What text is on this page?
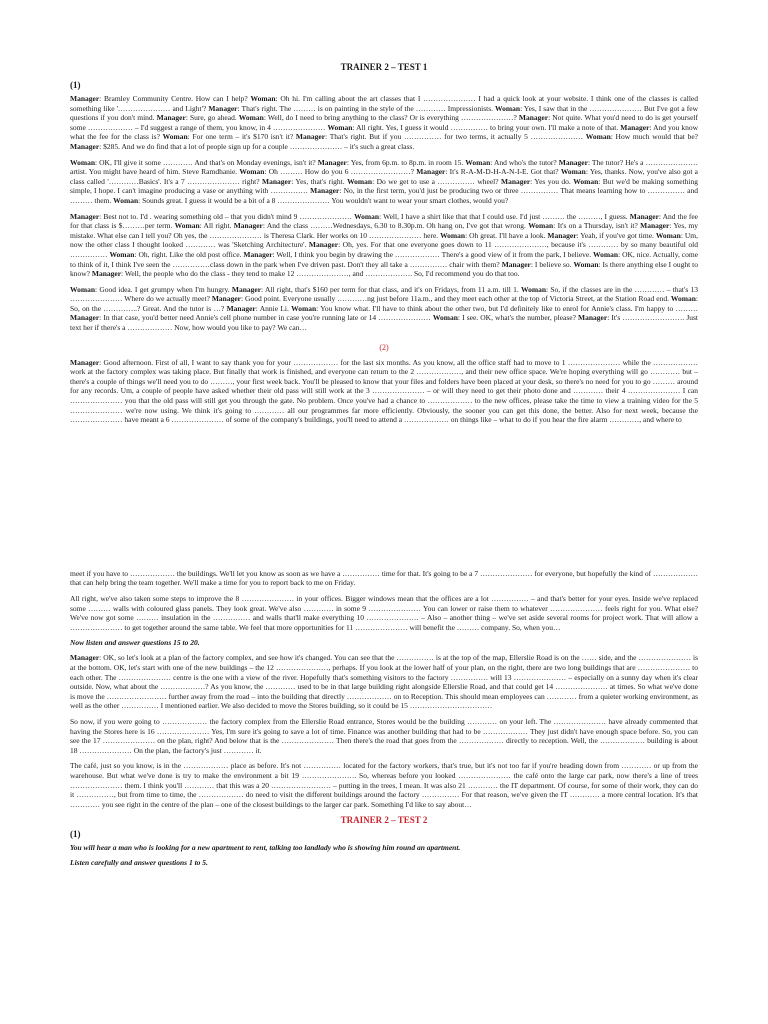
TRAINER 2 – TEST 1
(1)

Manager: Bramley Community Centre. How can I help? Woman: Oh hi. I'm calling about the art classes that I ………………… I had a quick look at your website. I think one of the classes is called something like '………………… and Light'? Manager: That's right. The ……… is on painting in the style of the ………… Impressionists. Woman: Yes, I saw that in the ………………… But I've got a few questions if you don't mind. Manager: Sure, go ahead. Woman: Well, do I need to bring anything to the class? Or is everything …………………? Manager: Not quite. What you'd need to do is get yourself some ……………… – I'd suggest a range of them, you know, in 4 ………………… Woman: All right. Yes, I guess it would …………… to bring your own. I'll make a note of that. Manager: And you know what the fee for the class is? Woman: For one term – it's $170 isn't it? Manager: That's right. But if you …………… for two terms, it actually 5 ………………… Woman: How much would that be? Manager: $285. And we do find that a lot of people sign up for a couple ………………… – it's such a great class.

Woman: OK, I'll give it some ………… And that's on Monday evenings, isn't it? Manager: Yes, from 6p.m. to 8p.m. in room 15. Woman: And who's the tutor? Manager: The tutor? He's a ………………… artist. You might have heard of him. Steve Ramdhanie. Woman: Oh ……… How do you 6 ……………………? Manager: It's R-A-M-D-H-A-N-I-E. Got that? Woman: Yes, thanks. Now, you've also got a class called '…………Basics'. It's a 7 ………………… right? Manager: Yes, that's right. Woman: Do we get to use a …………… wheel? Manager: Yes you do. Woman: But we'd be making something simple, I hope. I can't imagine producing a vase or anything with …………… Manager: No, in the first term, you'd just be producing two or three …………… That means learning how to …………… and ……… them. Woman: Sounds great. I guess it would be a bit of a 8 ………………… You wouldn't want to wear your smart clothes, would you?

Manager: Best not to. I'd . wearing something old – that you didn't mind 9 ………………… Woman: Well, I have a shirt like that that I could use. I'd just ……… the ………, I guess. Manager: And the fee for that class is $………per term. Woman: All right. Manager: And the class ………Wednesdays, 6.30 to 8.30p.m. Oh hang on, I've got that wrong. Woman: It's on a Thursday, isn't it? Manager: Yes, my mistake. What else can I tell you? Oh yes, the ………………… is Theresa Clark. Her works on 10 ………………… here. Woman: Oh great. I'll have a look. Manager: Yeah, if you've got time. Woman: Um, now the other class I thought looked ………… was 'Sketching Architecture'. Manager: Oh, yes. For that one everyone goes down to 11 …………………, because it's ………… by so many beautiful old …………… Woman: Oh, right. Like the old post office. Manager: Well, I think you begin by drawing the ……………… There's a good view of it from the park, I believe. Woman: OK, nice. Actually, come to think of it, I think I've seen the ……………class down in the park when I've driven past. Don't they all take a …………… chair with them? Manager: I believe so. Woman: Is there anything else I ought to know? Manager: Well, the people who do the class - they tend to make 12 …………………, and ………………. So, I'd recommend you do that too.

Woman: Good idea. I get grumpy when I'm hungry. Manager: All right, that's $160 per term for that class, and it's on Fridays, from 11 a.m. till 1. Woman: So, if the classes are in the ………… – that's 13 ………………… Where do we actually meet? Manager: Good point. Everyone usually …………ng just before 11a.m., and they meet each other at the top of Victoria Street, at the Station Road end. Woman: So, on the …………..? Great. And the tutor is …? Manager: Annie Li. Woman: You know what. I'll have to think about the other two, but I'd definitely like to enrol for Annie's class. I'm happy to ……… Manager: In that case, you'd better need Annie's cell phone number in case you're running late or 14 ………………… Woman: I see. OK, what's the number, please? Manager: It's ……………………. Just text her if there's a ……………… Now, how would you like to pay? We can…

(2)

Manager: Good afternoon. First of all, I want to say thank you for your ……………… for the last six months. As you know, all the office staff had to move to 1 ………………… while the ……………… work at the factory complex was taking place. But finally that work is finished, and everyone can return to the 2 ………………, and their new office space. We're hoping everything will go ………… but – there's a couple of things we'll need you to do ………, your first week back. You'll be pleased to know that your files and folders have been placed at your desk, so there's no need for you to go ……… around for any records. Um, a couple of people have asked whether their old pass will still work at the 3 ………………… – or will they need to get their photo done and ………… their 4 ………………… I can ………………… you that the old pass will still get you through the gate. No problem. Once you've had a chance to ……………… to the new offices, please take the time to view a training video for the 5 ………………… we're now using. We think it's going to ………… all our programmes far more efficiently. Obviously, the sooner you can get this done, the better. Also for next week, because the ………………… have meant a 6 ………………… of some of the company's buildings, you'll need to attend a ……………… on things like – what to do if you hear the fire alarm …………, and where to

meet if you have to ……………… the buildings. We'll let you know as soon as we have a …………… time for that. It's going to be a 7 ………………… for everyone, but hopefully the kind of ……………… that can help bring the team together. We'll make a time for you to report back to me on Friday.

All right, we've also taken some steps to improve the 8 ………………… in your offices. Bigger windows mean that the offices are a lot …………… – and that's better for your eyes. Inside we've replaced some ……… walls with coloured glass panels. They look great. We've also ………… in some 9 ………………… You can lower or raise them to whatever ………………… feels right for you. What else? We've now got some ……… insulation in the …………… and walls that'll make everything 10 ………………… – Also – another thing – we've set aside several rooms for project work. That will allow a ………………… to get together around the same table. We feel that more opportunities for 11 ………………… will benefit the ……… company. So, when you…

Now listen and answer questions 15 to 20.

Manager: OK, so let's look at a plan of the factory complex, and see how it's changed. You can see that the …………… is at the top of the map, Ellerslie Road is on the …… side, and the ………………… is at the bottom. OK, let's start with one of the new buildings – the 12 …………………, perhaps. If you look at the lower half of your plan, on the right, there are two long buildings that are ………………… to each other. The ………………… centre is the one with a view of the river. Hopefully that's something visitors to the factory …………… will 13 ………………… – especially on a sunny day when it's clear outside. Now, what about the ………………? As you know, the ………… used to be in that large building right alongside Ellerslie Road, and that could get 14 ………………… at times. So what we've done is move the …………………… further away from the road – into the building that directly ……………… on to Reception. This should mean employees can ………… from a quieter working environment, as well as the other …………… I mentioned earlier. We also decided to move the Stores building, so it could be 15 ……………………………

So now, if you were going to ……………… the factory complex from the Ellerslie Road entrance, Stores would be the building ………… on your left. The ………………… have already commented that having the Stores here is 16 ………………… Yes, I'm sure it's going to save a lot of time. Finance was another building that had to be ……………… They just didn't have enough space before. So, you can see the 17 ………………… on the plan, right? And below that is the ………………… Then there's the road that goes from the ……………… directly to reception. Well, the ……………… building is about 18 ………………… On the plan, the factory's just ………… it.

The café, just so you know, is in the ……………… place as before. It's not …………… located for the factory workers, that's true, but it's not too far if you're heading down from ………… or up from the warehouse. But what we've done is try to make the environment a bit 19 …………………. So, whereas before you looked ………………… the café onto the large car park, now there's a line of trees ………………… them. I think you'll ………… that this was a 20 …………………… – putting in the trees, I mean. It was also 21 ………… the IT department. Of course, for some of their work, they can do it ……………, but from time to time, the ……………… do need to visit the different buildings around the factory …………… For that reason, we've given the IT ………… a more central location. It's that ………… you see right in the centre of the plan – one of the closest buildings to the larger car park. Something I'd like to say about…

TRAINER 2 – TEST 2
(1)

You will hear a man who is looking for a new apartment to rent, talking too landlady who is showing him round an apartment.

Listen carefully and answer questions 1 to 5.
